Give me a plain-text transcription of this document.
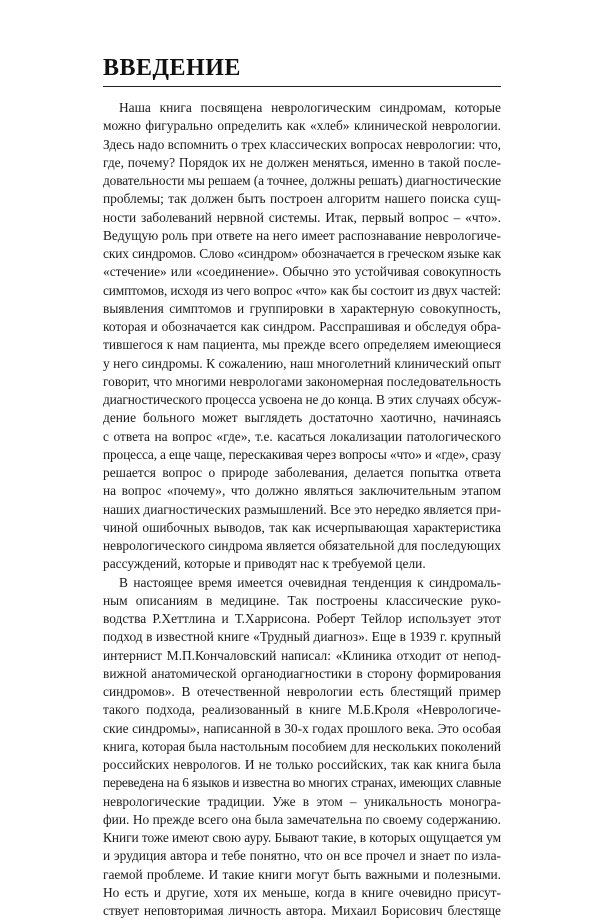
ВВЕДЕНИЕ
Наша книга посвящена неврологическим синдромам, которые
можно фигурально определить как «хлеб» клинической неврологии.
Здесь надо вспомнить о трех классических вопросах неврологии: что,
где, почему? Порядок их не должен меняться, именно в такой после-
довательности мы решаем (а точнее, должны решать) диагностические
проблемы; так должен быть построен алгоритм нашего поиска сущ-
ности заболеваний нервной системы. Итак, первый вопрос – «что».
Ведущую роль при ответе на него имеет распознавание неврологиче-
ских синдромов. Слово «синдром» обозначается в греческом языке как
«стечение» или «соединение». Обычно это устойчивая совокупность
симптомов, исходя из чего вопрос «что» как бы состоит из двух частей:
выявления симптомов и группировки в характерную совокупность,
которая и обозначается как синдром. Расспрашивая и обследуя обра-
тившегося к нам пациента, мы прежде всего определяем имеющиеся
у него синдромы. К сожалению, наш многолетний клинический опыт
говорит, что многими неврологами закономерная последовательность
диагностического процесса усвоена не до конца. В этих случаях обсуж-
дение больного может выглядеть достаточно хаотично, начинаясь
с ответа на вопрос «где», т.е. касаться локализации патологического
процесса, а еще чаще, перескакивая через вопросы «что» и «где», сразу
решается вопрос о природе заболевания, делается попытка ответа
на вопрос «почему», что должно являться заключительным этапом
наших диагностических размышлений. Все это нередко является при-
чиной ошибочных выводов, так как исчерпывающая характеристика
неврологического синдрома является обязательной для последующих
рассуждений, которые и приводят нас к требуемой цели.
В настоящее время имеется очевидная тенденция к синдромаль-
ным описаниям в медицине. Так построены классические руко-
водства Р.Хеттлина и Т.Харрисона. Роберт Тейлор использует этот
подход в известной книге «Трудный диагноз». Еще в 1939 г. крупный
интернист М.П.Кончаловский написал: «Клиника отходит от непод-
вижной анатомической органодиагностики в сторону формирования
синдромов». В отечественной неврологии есть блестящий пример
такого подхода, реализованный в книге М.Б.Кроля «Неврологиче-
ские синдромы», написанной в 30-х годах прошлого века. Это особая
книга, которая была настольным пособием для нескольких поколений
российских неврологов. И не только российских, так как книга была
переведена на 6 языков и известна во многих странах, имеющих славные
неврологические традиции. Уже в этом – уникальность моногра-
фии. Но прежде всего она была замечательна по своему содержанию.
Книги тоже имеют свою ауру. Бывают такие, в которых ощущается ум
и эрудиция автора и тебе понятно, что он все прочел и знает по изла-
гаемой проблеме. И такие книги могут быть важными и полезными.
Но есть и другие, хотя их меньше, когда в книге очевидно присут-
ствует неповторимая личность автора. Михаил Борисович блестяще
